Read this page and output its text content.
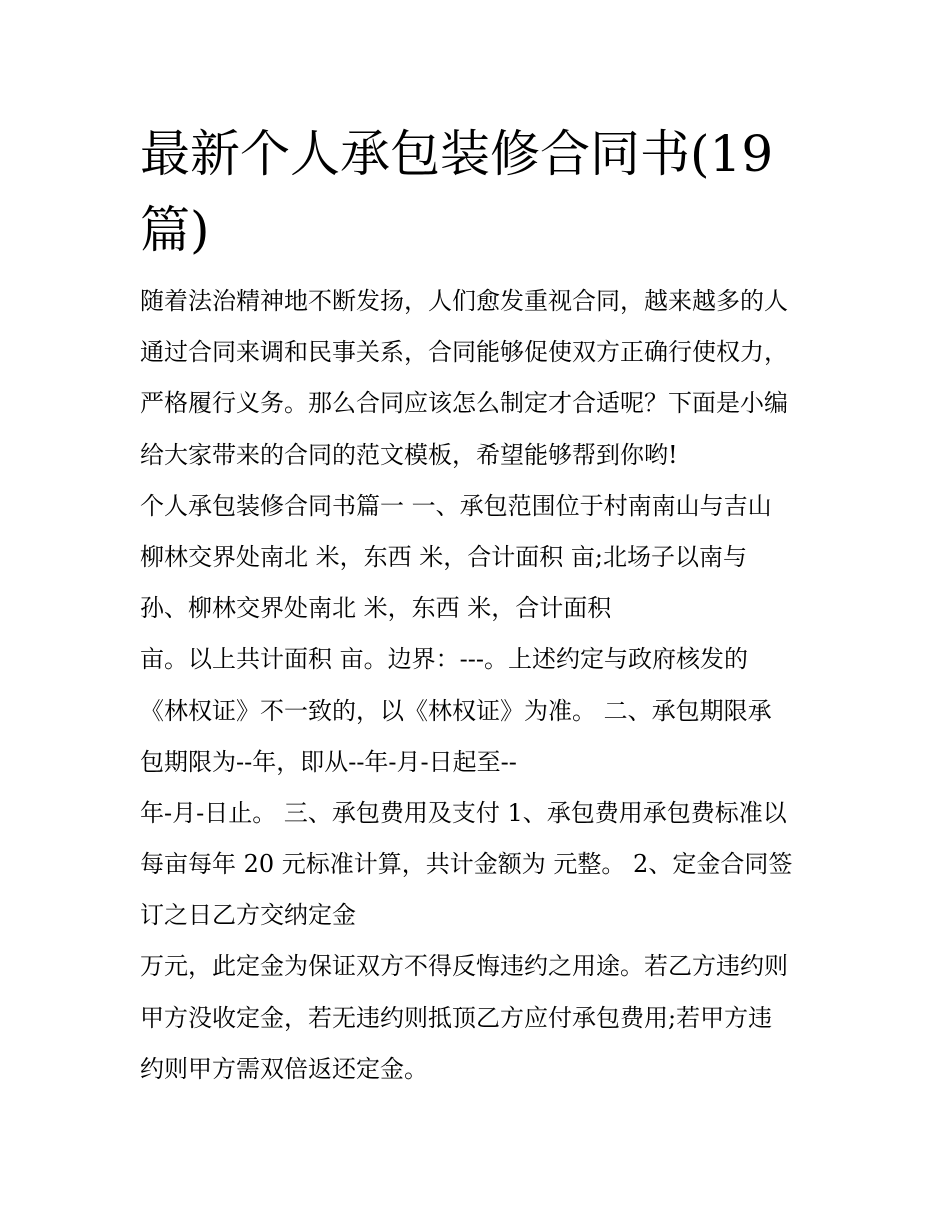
最新个人承包装修合同书(19
篇)
随着法治精神地不断发扬，人们愈发重视合同，越来越多的人
通过合同来调和民事关系，合同能够促使双方正确行使权力，
严格履行义务。那么合同应该怎么制定才合适呢？下面是小编
给大家带来的合同的范文模板，希望能够帮到你哟!
个人承包装修合同书篇一 一、承包范围位于村南南山与吉山
柳林交界处南北 米，东西 米，合计面积 亩;北场子以南与
孙、柳林交界处南北 米，东西 米，合计面积
亩。以上共计面积 亩。边界：---。上述约定与政府核发的
《林权证》不一致的，以《林权证》为准。 二、承包期限承
包期限为--年，即从--年-月-日起至--
年-月-日止。 三、承包费用及支付 1、承包费用承包费标准以
每亩每年 20 元标准计算，共计金额为 元整。 2、定金合同签
订之日乙方交纳定金
万元，此定金为保证双方不得反悔违约之用途。若乙方违约则
甲方没收定金，若无违约则抵顶乙方应付承包费用;若甲方违
约则甲方需双倍返还定金。
